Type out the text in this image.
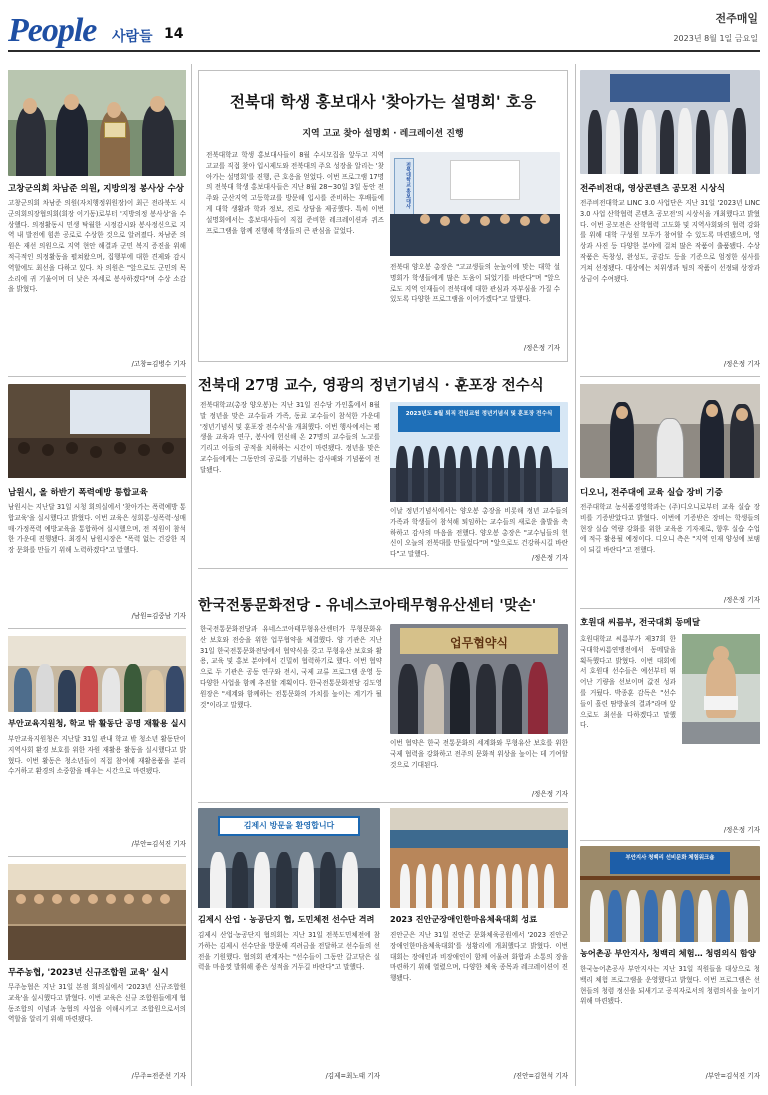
People 사람들 14
전주매일
2023년 8월 1일 금요일
고창군의회 차남준 의원, 지방의정 봉사상 수상
고창군의회 차남준 의원(자치행정위원장)이 최근 전라북도 시군의회의장협의회(회장 이기동)로부터 '지방의정 봉사상'을 수상했다. 의정활동시 민생 탁월한 시정감시와 봉사정신으로 지역 내 발전에 힘쓴 공로로 수상한 것으로 알려졌다. 차남준 의원은 재선 의원으로 지역 현안 해결과 군민 복지 증진을 위해 적극적인 의정활동을 펼쳐왔으며, 집행부에 대한 견제와 감시 역할에도 최선을 다하고 있다. 차 의원은 "앞으로도 군민의 목소리에 귀 기울이며 더 낮은 자세로 봉사하겠다"며 수상 소감을 밝혔다.
/고창=김병수 기자
남원시, 올 하반기 폭력예방 통합교육
남원시는 지난달 31일 시청 회의실에서 '찾아가는 폭력예방 통합교육'을 실시했다고 밝혔다. 이번 교육은 성희롱·성폭력·성매매·가정폭력 예방교육을 통합하여 실시했으며, 전 직원이 참석한 가운데 진행됐다. 최경식 남원시장은 "폭력 없는 건강한 직장 문화를 만들기 위해 노력하겠다"고 말했다.
/남원=김중남 기자
부안교육지원청, 학교 밖 활동단 공명 재활용 실시
부안교육지원청은 지난달 31일 관내 학교 밖 청소년 활동단이 지역사회 환경 보호를 위한 자원 재활용 활동을 실시했다고 밝혔다. 이번 활동은 청소년들이 직접 참여해 재활용품을 분리 수거하고 환경의 소중함을 배우는 시간으로 마련됐다.
/부안=김석진 기자
무주농협, '2023년 신규조합원 교육' 실시
무주농협은 지난 31일 본점 회의실에서 '2023년 신규조합원 교육'을 실시했다고 밝혔다. 이번 교육은 신규 조합원들에게 협동조합의 이념과 농협의 사업을 이해시키고 조합원으로서의 역할을 알리기 위해 마련됐다.
/무주=전준선 기자
전북대 학생 홍보대사 '찾아가는 설명회' 호응
지역 고교 찾아 설명회 · 레크레이션 진행
전북대학교 학생 홍보대사들이 8월 수시모집을 앞두고 지역 고교를 직접 찾아 입시제도와 전북대의 주요 성장을 알리는 '찾아가는 설명회'를 진행, 큰 호응을 얻었다. 이번 프로그램 17명의 전북대 학생 홍보대사들은 지난 8월 28~30일 3일 동안 전주와 군산지역 고등학교를 방문해 입시를 준비하는 후배들에게 대학 생활과 학과 정보, 진로 상담을 제공했다. 특히 이번 설명회에서는 홍보대사들이 직접 준비한 레크레이션과 퀴즈 프로그램을 함께 진행해 학생들의 큰 관심을 끌었다.
전북대학교 홍보대사
전북대 양오봉 총장은 "고교생들의 눈높이에 맞는 대학 설명회가 학생들에게 많은 도움이 되었기를 바란다"며 "앞으로도 지역 인재들이 전북대에 대한 관심과 자부심을 가질 수 있도록 다양한 프로그램을 이어가겠다"고 말했다.
/정은정 기자
전북대 27명 교수, 영광의 정년기념식 · 훈포장 전수식
전북대학교(총장 양오봉)는 지난 31일 진수당 가인홀에서 8월 말 정년을 맞은 교수들과 가족, 동료 교수들이 참석한 가운데 '정년기념식 및 훈포장 전수식'을 개최했다. 이번 행사에서는 평생을 교육과 연구, 봉사에 헌신해 온 27명의 교수들의 노고를 기리고 이들의 공적을 치하하는 시간이 마련됐다. 정년을 맞은 교수들에게는 그동안의 공로를 기념하는 감사패와 기념품이 전달됐다.
2023년도 8월 퇴직 전임교원 정년기념식 및 훈포장 전수식
이날 정년기념식에서는 양오봉 총장을 비롯해 정년 교수들의 가족과 학생들이 참석해 퇴임하는 교수들의 새로운 출발을 축하하고 감사의 마음을 전했다. 양오봉 총장은 "교수님들의 헌신이 오늘의 전북대를 만들었다"며 "앞으로도 건강하시길 바란다"고 말했다.	/정은정 기자
한국전통문화전당 - 유네스코아태무형유산센터 '맞손'
한국전통문화전당과 유네스코아태무형유산센터가 무형문화유산 보호와 전승을 위한 업무협약을 체결했다. 양 기관은 지난 31일 한국전통문화전당에서 협약식을 갖고 무형유산 보호와 활용, 교육 및 홍보 분야에서 긴밀히 협력하기로 했다. 이번 협약으로 두 기관은 공동 연구와 전시, 국제 교류 프로그램 운영 등 다양한 사업을 함께 추진할 계획이다. 한국전통문화전당 김도영 원장은 "세계와 함께하는 전통문화의 가치를 높이는 계기가 될 것"이라고 말했다.
업무협약식
이번 협약은 한국 전통문화의 세계화와 무형유산 보호를 위한 국제 협력을 강화하고 전주의 문화적 위상을 높이는 데 기여할 것으로 기대된다.
/정은정 기자
김제시 방문을 환영합니다
김제시 산업 · 농공단지 협, 도민체전 선수단 격려
김제시 산업·농공단지 협의회는 지난 31일 전북도민체전에 참가하는 김제시 선수단을 방문해 격려금을 전달하고 선수들의 선전을 기원했다. 협의회 관계자는 "선수들이 그동안 갈고닦은 실력을 마음껏 발휘해 좋은 성적을 거두길 바란다"고 말했다.
/김제=최노태 기자
2023 진안군장애인한마음체육대회 성료
진안군은 지난 31일 진안군 문화체육공원에서 '2023 진안군장애인한마음체육대회'를 성황리에 개최했다고 밝혔다. 이번 대회는 장애인과 비장애인이 함께 어울려 화합과 소통의 장을 마련하기 위해 열렸으며, 다양한 체육 종목과 레크레이션이 진행됐다.
/진안=김현석 기자
전주비전대, 영상콘텐츠 공모전 시상식
전주비전대학교 LINC 3.0 사업단은 지난 31일 '2023년 LINC 3.0 사업 산학협력 콘텐츠 공모전'의 시상식을 개최했다고 밝혔다. 이번 공모전은 산학협력 고도화 및 지역사회와의 협력 강화를 위해 대학 구성원 모두가 참여할 수 있도록 마련됐으며, 영상과 사진 등 다양한 분야에 걸쳐 많은 작품이 출품됐다. 수상 작품은 독창성, 완성도, 공감도 등을 기준으로 엄정한 심사를 거쳐 선정됐다. 대상에는 치위생과 팀의 작품이 선정돼 상장과 상금이 수여됐다.
/정은정 기자
디오니, 전주대에 교육 실습 장비 기증
전주대학교 농식품경영학과는 (주)디오니로부터 교육 실습 장비를 기증받았다고 밝혔다. 이번에 기증받은 장비는 학생들의 현장 실습 역량 강화를 위한 교육용 기자재로, 향후 실습 수업에 적극 활용될 예정이다. 디오니 측은 "지역 인재 양성에 보탬이 되길 바란다"고 전했다.
/정은정 기자
호원대 씨름부, 전국대회 동메달
호원대학교 씨름부가 제37회 한국대학씨름연맹전에서 동메달을 획득했다고 밝혔다. 이번 대회에서 호원대 선수들은 예선부터 뛰어난 기량을 선보이며 값진 성과를 거뒀다. 박종훈 감독은 "선수들이 흘린 땀방울의 결과"라며 앞으로도 최선을 다하겠다고 말했다.
/정은정 기자
부안지사 청백리 선비문화 체험워크숍
농어촌공 부안지사, 청백리 체험… 청렴의식 함양
한국농어촌공사 부안지사는 지난 31일 직원들을 대상으로 청백리 체험 프로그램을 운영했다고 밝혔다. 이번 프로그램은 선현들의 청렴 정신을 되새기고 공직자로서의 청렴의식을 높이기 위해 마련됐다.
/부안=김석진 기자
